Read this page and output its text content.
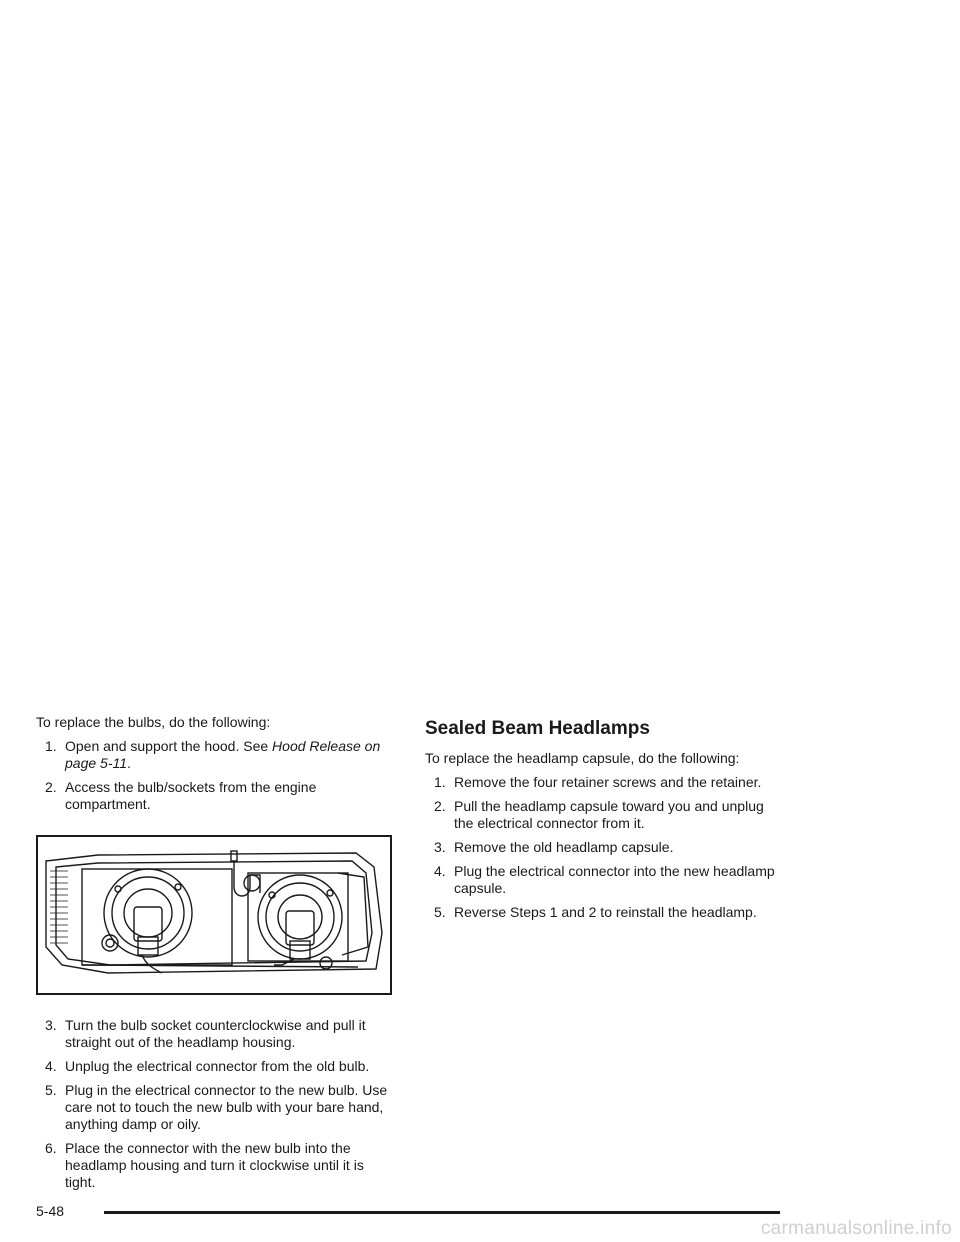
To replace the bulbs, do the following:

1. Open and support the hood. See Hood Release on page 5-11.
2. Access the bulb/sockets from the engine compartment.
3. Turn the bulb socket counterclockwise and pull it straight out of the headlamp housing.
4. Unplug the electrical connector from the old bulb.
5. Plug in the electrical connector to the new bulb. Use care not to touch the new bulb with your bare hand, anything damp or oily.
6. Place the connector with the new bulb into the headlamp housing and turn it clockwise until it is tight.
Sealed Beam Headlamps

To replace the headlamp capsule, do the following:

1. Remove the four retainer screws and the retainer.
2. Pull the headlamp capsule toward you and unplug the electrical connector from it.
3. Remove the old headlamp capsule.
4. Plug the electrical connector into the new headlamp capsule.
5. Reverse Steps 1 and 2 to reinstall the headlamp.
5-48
carmanualsonline.info
